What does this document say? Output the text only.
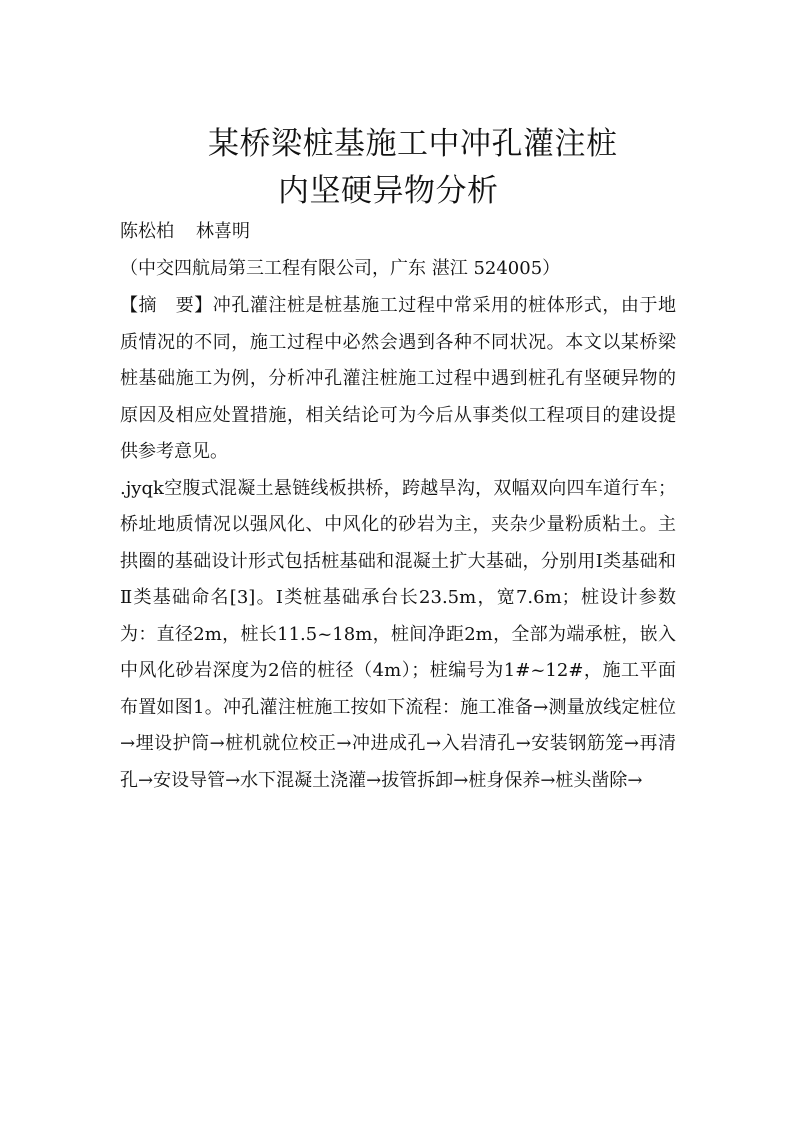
某桥梁桩基施工中冲孔灌注桩
内坚硬异物分析

陈松柏 林喜明

（中交四航局第三工程有限公司，广东 湛江 524005）

【摘　要】冲孔灌注桩是桩基施工过程中常采用的桩体形式，由于地质情况的不同，施工过程中必然会遇到各种不同状况。本文以某桥梁桩基础施工为例，分析冲孔灌注桩施工过程中遇到桩孔有坚硬异物的原因及相应处置措施，相关结论可为今后从事类似工程项目的建设提供参考意见。

.jyqk空腹式混凝土悬链线板拱桥，跨越旱沟，双幅双向四车道行车；桥址地质情况以强风化、中风化的砂岩为主，夹杂少量粉质粘土。主拱圈的基础设计形式包括桩基础和混凝土扩大基础，分别用Ⅰ类基础和Ⅱ类基础命名[3]。Ⅰ类桩基础承台长23.5m，宽7.6m；桩设计参数为：直径2m，桩长11.5~18m，桩间净距2m，全部为端承桩，嵌入中风化砂岩深度为2倍的桩径（4m）；桩编号为1#~12#，施工平面布置如图1。冲孔灌注桩施工按如下流程：施工准备→测量放线定桩位→埋设护筒→桩机就位校正→冲进成孔→入岩清孔→安装钢筋笼→再清孔→安设导管→水下混凝土浇灌→拔管拆卸→桩身保养→桩头凿除→
